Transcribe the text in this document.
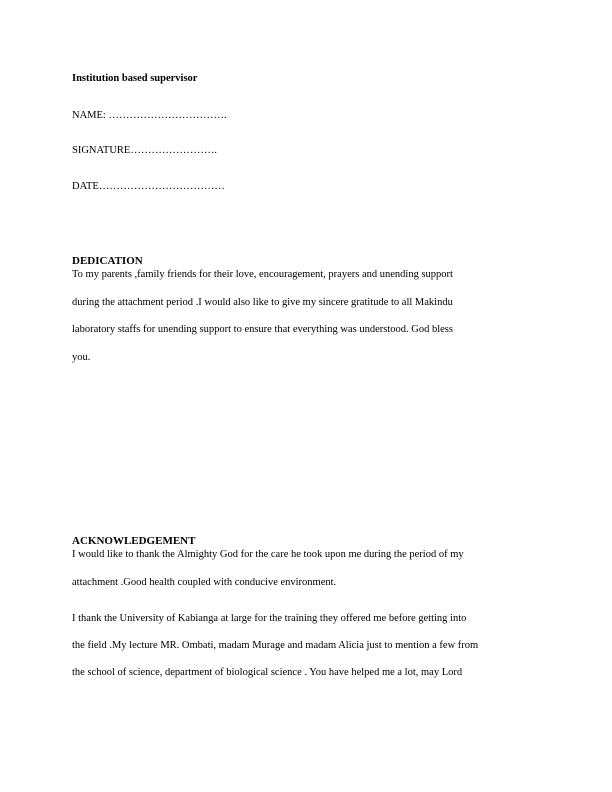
Institution based supervisor
NAME: …………………………….
SIGNATURE…………………….
DATE………………………………
DEDICATION
To my parents ,family friends for their love, encouragement, prayers and unending support
during the attachment period .I would also like to give my sincere gratitude to all Makindu
laboratory staffs for unending support to ensure that everything was understood. God bless
you.
ACKNOWLEDGEMENT
I would like to thank the Almighty God for the care he took upon me during the period of my
attachment .Good health coupled with conducive environment.
I thank the University of Kabianga at large for the training they offered me before getting into
the field .My lecture MR. Ombati, madam Murage and madam Alicia just to mention a few from
the school of science, department of biological science . You have helped me a lot, may Lord
